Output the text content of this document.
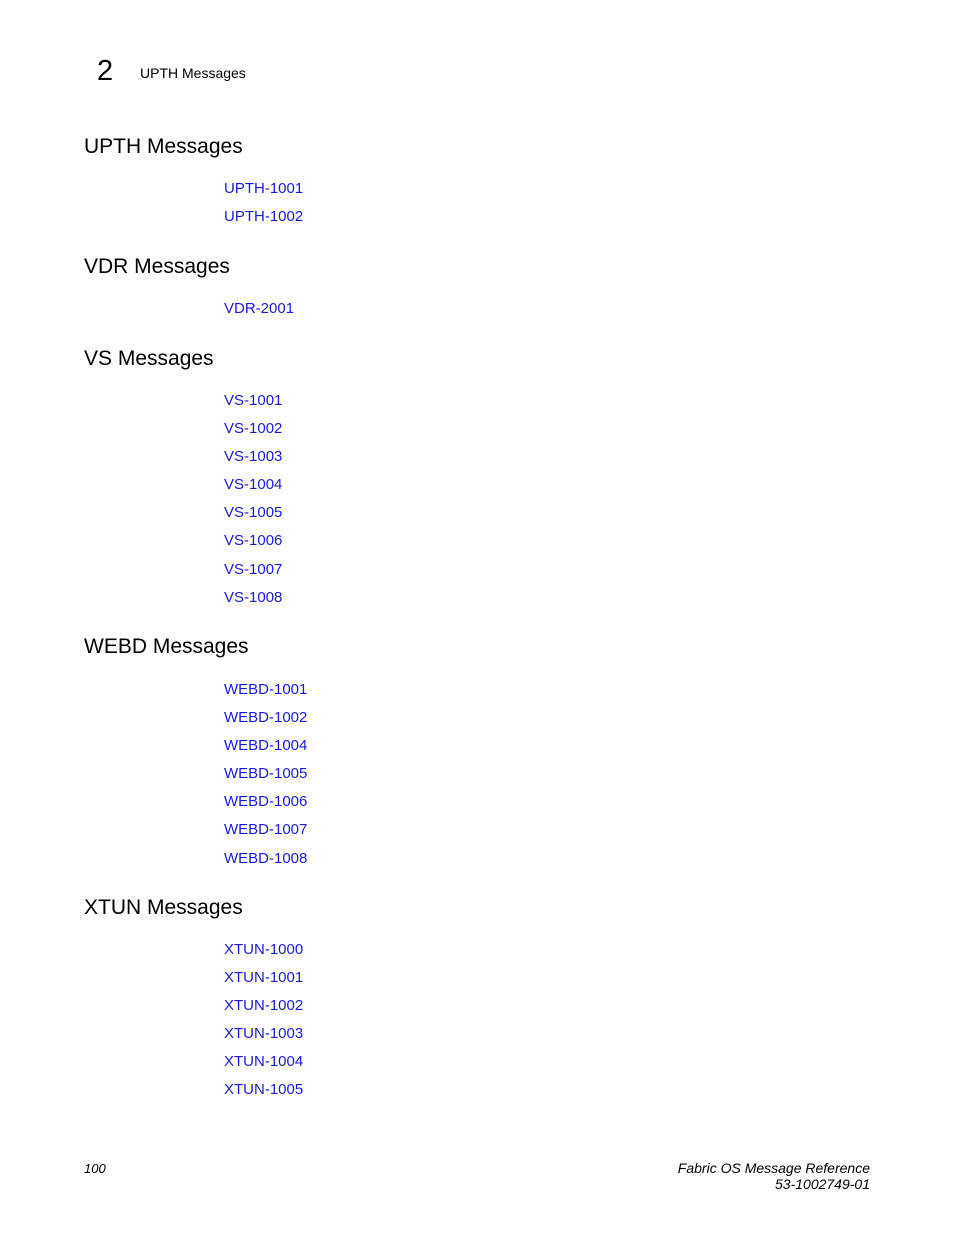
2 UPTH Messages
UPTH Messages
UPTH-1001
UPTH-1002
VDR Messages
VDR-2001
VS Messages
VS-1001
VS-1002
VS-1003
VS-1004
VS-1005
VS-1006
VS-1007
VS-1008
WEBD Messages
WEBD-1001
WEBD-1002
WEBD-1004
WEBD-1005
WEBD-1006
WEBD-1007
WEBD-1008
XTUN Messages
XTUN-1000
XTUN-1001
XTUN-1002
XTUN-1003
XTUN-1004
XTUN-1005
100	Fabric OS Message Reference
53-1002749-01
